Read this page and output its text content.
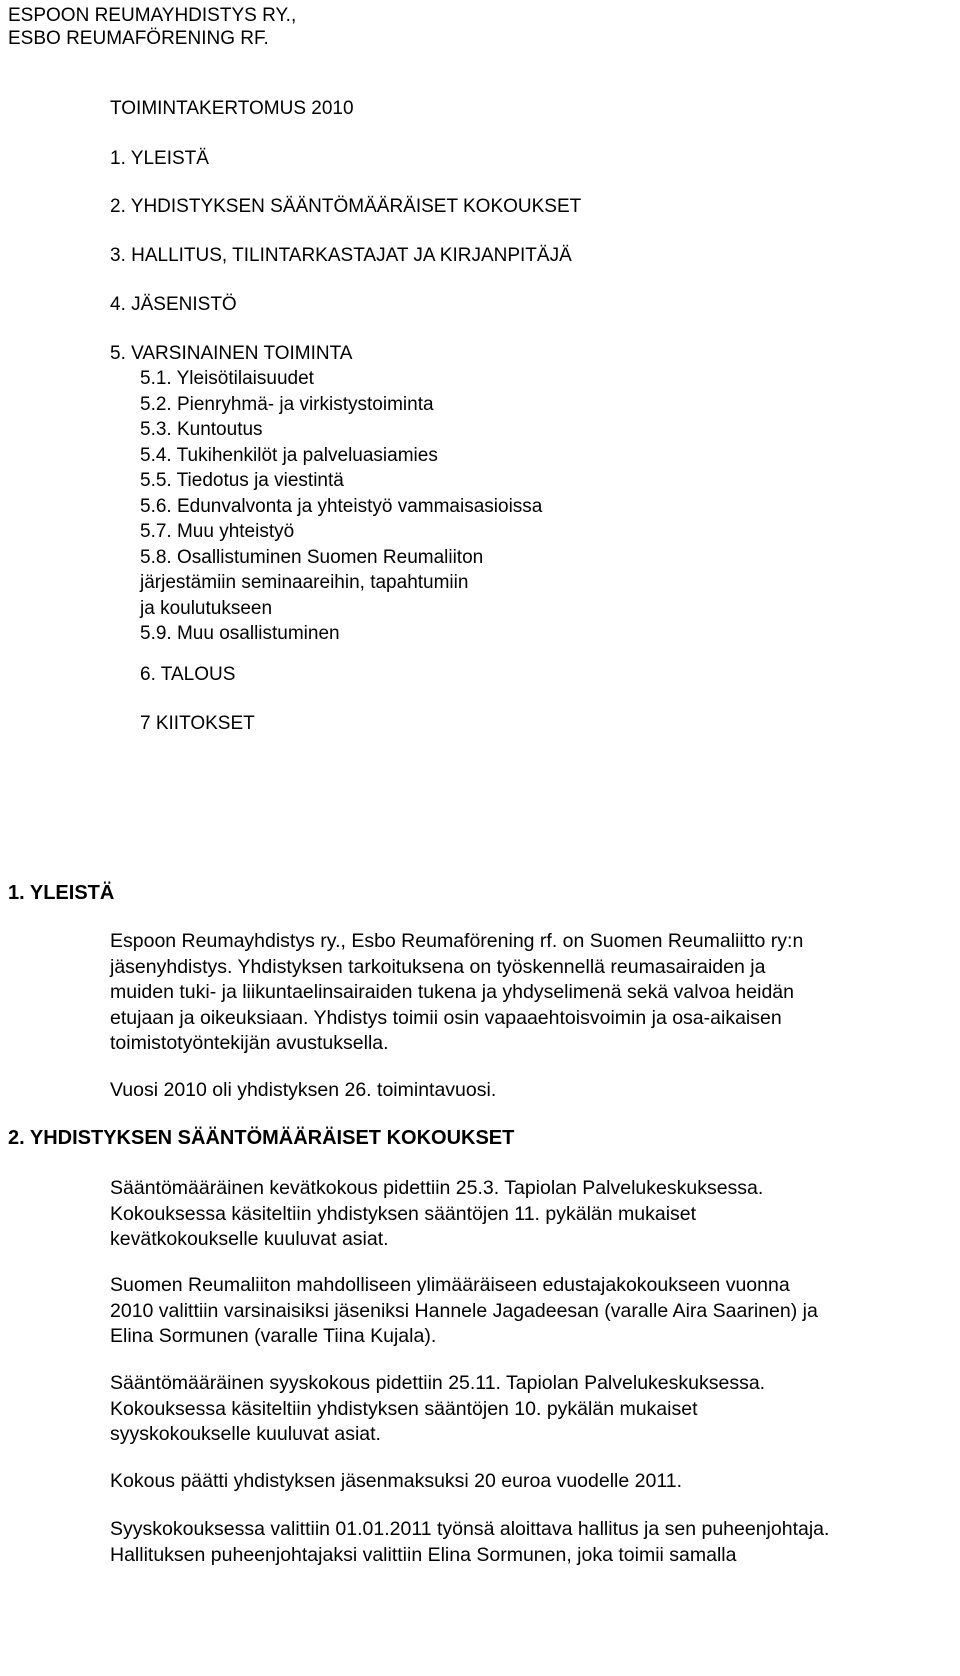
ESPOON REUMAYHDISTYS RY.,
ESBO REUMAFÖRENING RF.
TOIMINTAKERTOMUS 2010
1. YLEISTÄ
2. YHDISTYKSEN SÄÄNTÖMÄÄRÄISET KOKOUKSET
3. HALLITUS, TILINTARKASTAJAT JA KIRJANPITÄJÄ
4. JÄSENISTÖ
5. VARSINAINEN TOIMINTA
5.1. Yleisötilaisuudet
5.2. Pienryhmä- ja virkistystoiminta
5.3. Kuntoutus
5.4. Tukihenkilöt ja palveluasiamies
5.5. Tiedotus ja viestintä
5.6. Edunvalvonta ja yhteistyö vammaisasioissa
5.7. Muu yhteistyö
5.8. Osallistuminen Suomen Reumaliiton
järjestämiin seminaareihin, tapahtumiin
ja koulutukseen
5.9. Muu osallistuminen
6. TALOUS
7 KIITOKSET
1. YLEISTÄ
Espoon Reumayhdistys ry., Esbo Reumaförening rf. on Suomen Reumaliitto ry:n
jäsenyhdistys. Yhdistyksen tarkoituksena on työskennellä reumasairaiden ja
muiden tuki- ja liikuntaelinsairaiden tukena ja yhdyselimenä sekä valvoa heidän
etujaan ja oikeuksiaan. Yhdistys toimii osin vapaaehtoisvoimin ja osa-aikaisen
toimistotyöntekijän avustuksella.
Vuosi 2010 oli yhdistyksen 26. toimintavuosi.
2. YHDISTYKSEN SÄÄNTÖMÄÄRÄISET KOKOUKSET
Sääntömääräinen kevätkokous pidettiin 25.3. Tapiolan Palvelukeskuksessa.
Kokouksessa käsiteltiin yhdistyksen sääntöjen 11. pykälän mukaiset
kevätkokoukselle kuuluvat asiat.
Suomen Reumaliiton mahdolliseen ylimääräiseen edustajakokoukseen vuonna
2010 valittiin varsinaisiksi jäseniksi Hannele Jagadeesan (varalle Aira Saarinen) ja
Elina Sormunen (varalle Tiina Kujala).
Sääntömääräinen syyskokous pidettiin 25.11. Tapiolan Palvelukeskuksessa.
Kokouksessa käsiteltiin yhdistyksen sääntöjen 10. pykälän mukaiset
syyskokoukselle kuuluvat asiat.
Kokous päätti yhdistyksen jäsenmaksuksi 20 euroa vuodelle 2011.
Syyskokouksessa valittiin 01.01.2011 työnsä aloittava hallitus ja sen puheenjohtaja.
Hallituksen puheenjohtajaksi valittiin Elina Sormunen, joka toimii samalla
